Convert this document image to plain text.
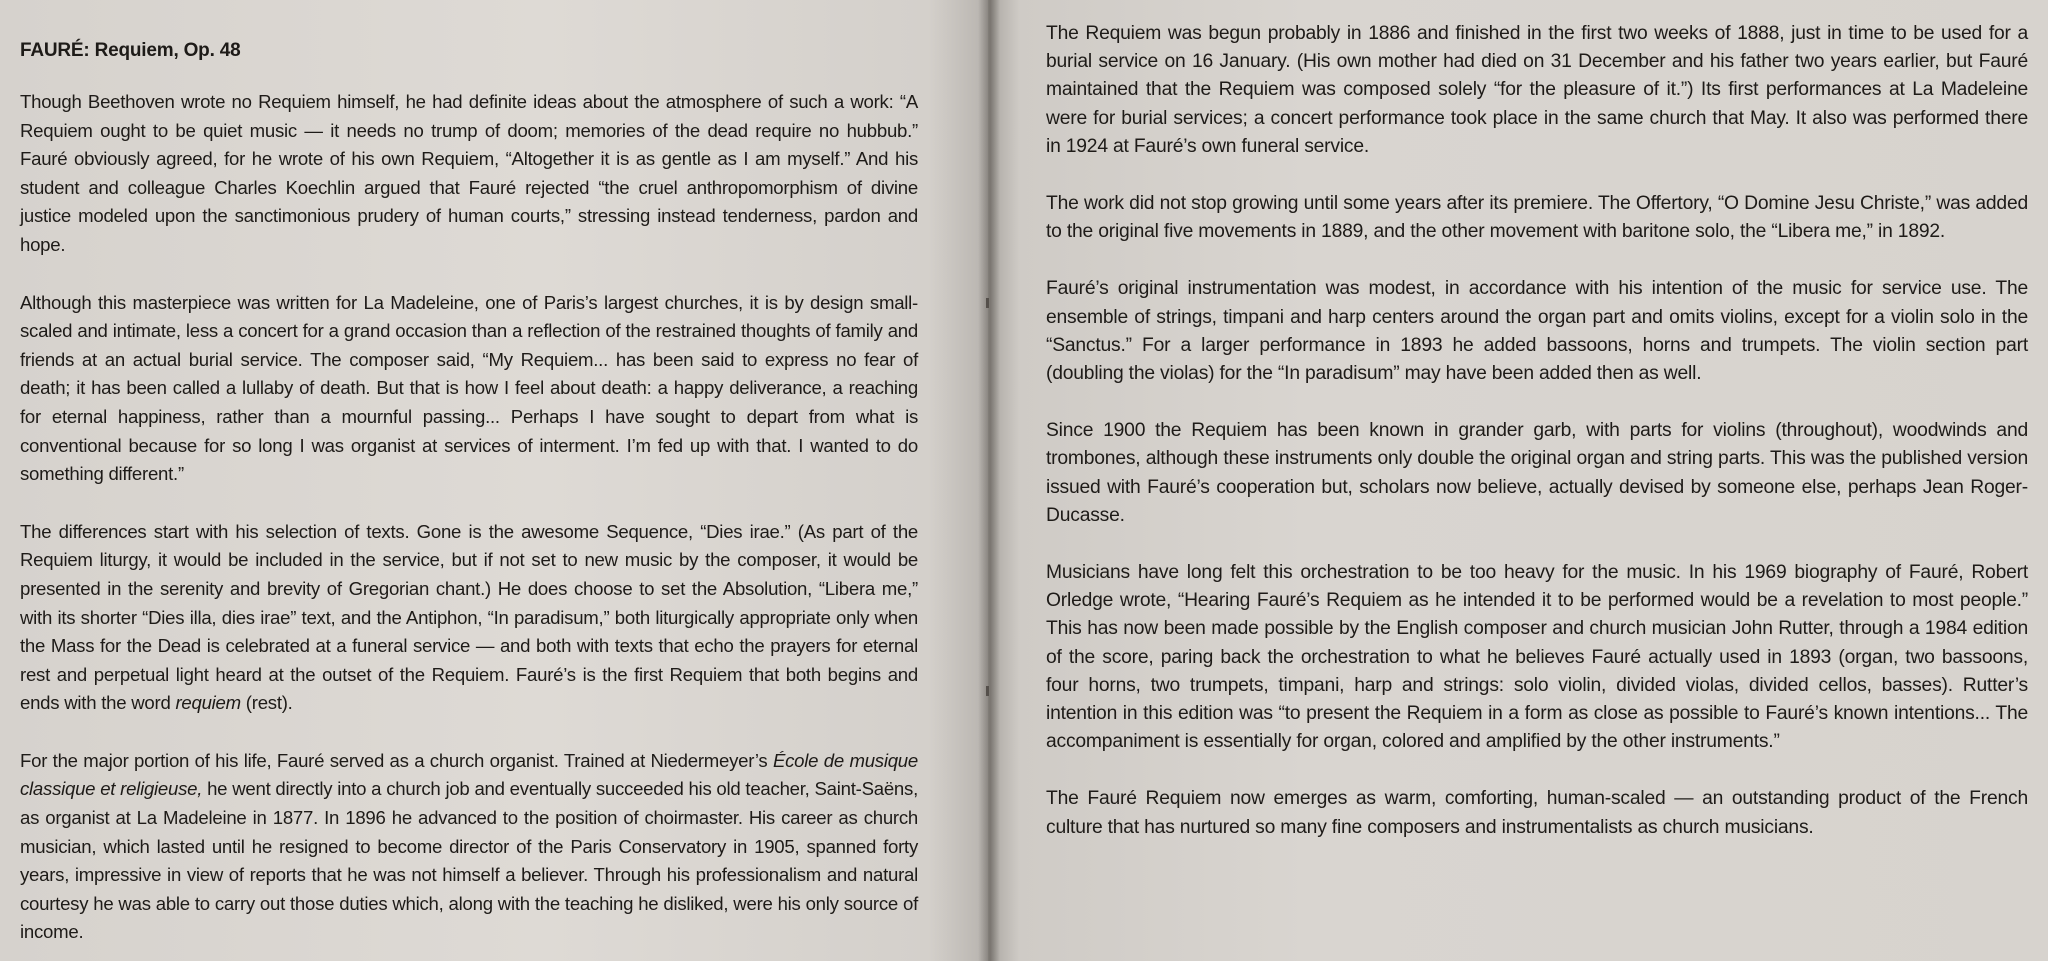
FAURÉ: Requiem, Op. 48

Though Beethoven wrote no Requiem himself, he had definite ideas about the atmosphere of such a work: “A Requiem ought to be quiet music — it needs no trump of doom; memories of the dead require no hubbub.” Fauré obviously agreed, for he wrote of his own Requiem, “Altogether it is as gentle as I am myself.” And his student and colleague Charles Koechlin argued that Fauré rejected “the cruel anthropomorphism of divine justice modeled upon the sanctimonious prudery of human courts,” stressing instead tenderness, pardon and hope.

Although this masterpiece was written for La Madeleine, one of Paris’s largest churches, it is by design small-scaled and intimate, less a concert for a grand occasion than a reflection of the restrained thoughts of family and friends at an actual burial service. The composer said, “My Requiem... has been said to express no fear of death; it has been called a lullaby of death. But that is how I feel about death: a happy deliverance, a reaching for eternal happiness, rather than a mournful passing... Perhaps I have sought to depart from what is conventional because for so long I was organist at services of interment. I’m fed up with that. I wanted to do something different.”

The differences start with his selection of texts. Gone is the awesome Sequence, “Dies irae.” (As part of the Requiem liturgy, it would be included in the service, but if not set to new music by the composer, it would be presented in the serenity and brevity of Gregorian chant.) He does choose to set the Absolution, “Libera me,” with its shorter “Dies illa, dies irae” text, and the Antiphon, “In paradisum,” both liturgically appropriate only when the Mass for the Dead is celebrated at a funeral service — and both with texts that echo the prayers for eternal rest and perpetual light heard at the outset of the Requiem. Fauré’s is the first Requiem that both begins and ends with the word requiem (rest).

For the major portion of his life, Fauré served as a church organist. Trained at Niedermeyer’s École de musique classique et religieuse, he went directly into a church job and eventually succeeded his old teacher, Saint-Saëns, as organist at La Madeleine in 1877. In 1896 he advanced to the position of choirmaster. His career as church musician, which lasted until he resigned to become director of the Paris Conservatory in 1905, spanned forty years, impressive in view of reports that he was not himself a believer. Through his professionalism and natural courtesy he was able to carry out those duties which, along with the teaching he disliked, were his only source of income.

The Requiem was begun probably in 1886 and finished in the first two weeks of 1888, just in time to be used for a burial service on 16 January. (His own mother had died on 31 December and his father two years earlier, but Fauré maintained that the Requiem was composed solely “for the pleasure of it.”) Its first performances at La Madeleine were for burial services; a concert performance took place in the same church that May. It also was performed there in 1924 at Fauré’s own funeral service.

The work did not stop growing until some years after its premiere. The Offertory, “O Domine Jesu Christe,” was added to the original five movements in 1889, and the other movement with baritone solo, the “Libera me,” in 1892.

Fauré’s original instrumentation was modest, in accordance with his intention of the music for service use. The ensemble of strings, timpani and harp centers around the organ part and omits violins, except for a violin solo in the “Sanctus.” For a larger performance in 1893 he added bassoons, horns and trumpets. The violin section part (doubling the violas) for the “In paradisum” may have been added then as well.

Since 1900 the Requiem has been known in grander garb, with parts for violins (throughout), woodwinds and trombones, although these instruments only double the original organ and string parts. This was the published version issued with Fauré’s cooperation but, scholars now believe, actually devised by someone else, perhaps Jean Roger-Ducasse.

Musicians have long felt this orchestration to be too heavy for the music. In his 1969 biography of Fauré, Robert Orledge wrote, “Hearing Fauré’s Requiem as he intended it to be performed would be a revelation to most people.” This has now been made possible by the English composer and church musician John Rutter, through a 1984 edition of the score, paring back the orchestration to what he believes Fauré actually used in 1893 (organ, two bassoons, four horns, two trumpets, timpani, harp and strings: solo violin, divided violas, divided cellos, basses). Rutter’s intention in this edition was “to present the Requiem in a form as close as possible to Fauré’s known intentions... The accompaniment is essentially for organ, colored and amplified by the other instruments.”

The Fauré Requiem now emerges as warm, comforting, human-scaled — an outstanding product of the French culture that has nurtured so many fine composers and instrumentalists as church musicians.
